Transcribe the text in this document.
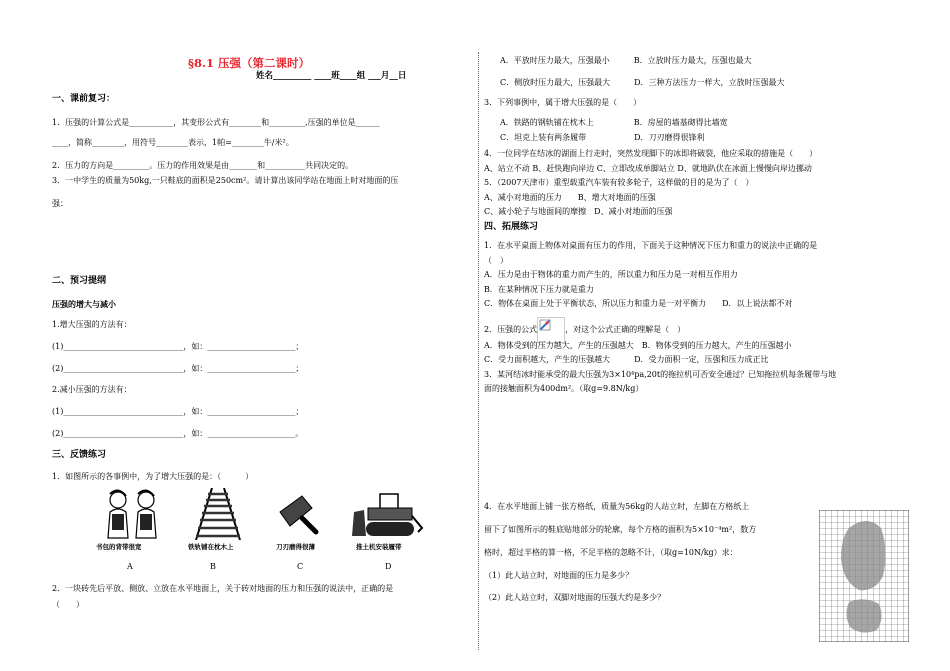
§8.1 压强（第二课时）
姓名_________ ____班____组 ___月__日
一、课前复习：
1．压强的计算公式是___________，其变形公式有________和_________,压强的单位是______
____，简称________，用符号________表示，1帕=________牛/米²。
2．压力的方向是_________。压力的作用效果是由_______和__________共同决定的。
3．一中学生的质量为50kg,一只鞋底的面积是250cm²。请计算出该同学站在地面上时对地面的压
强：
二、预习提纲
压强的增大与减小
1.增大压强的方法有：
(1)______________________________，如：______________________；
(2)______________________________，如：______________________；
2.减小压强的方法有：
(1)______________________________，如：______________________；
(2)______________________________，如：______________________。
三、反馈练习
1．如图所示的各事例中，为了增大压强的是：（　　　）
书包的背带很宽	铁轨铺在枕木上	刀刃磨得很薄	推土机安装履带
A	B	C	D
2．一块砖先后平放、侧放、立放在水平地面上，关于砖对地面的压力和压强的说法中，正确的是
（　　）
A．平放时压力最大，压强最小　　　B．立放时压力最大，压强也最大
C．侧放时压力最大，压强最大　　　D．三种方法压力一样大，立放时压强最大
3．下列事例中，属于增大压强的是（　　）
A．铁路的钢轨铺在枕木上　　　　　B．房屋的墙基砌得比墙宽
C．坦克上装有两条履带　　　　　　D．刀刃磨得很锋利
4．一位同学在结冰的湖面上行走时，突然发现脚下的冰即将破裂，他应采取的措施是（　　）
A、站立不动 B、赶快跑向岸边 C、立即改成单脚站立 D、就地趴伏在冰面上慢慢向岸边挪动
5．（2007天津市）重型载重汽车装有较多轮子，这样做的目的是为了（　）
A、减小对地面的压力　　B、增大对地面的压强
C、减小轮子与地面间的摩擦　D、减小对地面的压强
四、拓展练习
1．在水平桌面上物体对桌面有压力的作用，下面关于这种情况下压力和重力的说法中正确的是
（　）
A．压力是由于物体的重力而产生的，所以重力和压力是一对相互作用力
B．在某种情况下压力就是重力
C．物体在桌面上处于平衡状态，所以压力和重力是一对平衡力　　D．以上说法都不对
2．压强的公式	，对这个公式正确的理解是（　）
A．物体受到的压力越大，产生的压强越大　B．物体受到的压力越大，产生的压强越小
C．受力面积越大，产生的压强越大　　　D．受力面积一定，压强和压力成正比
3．某河结冰时能承受的最大压强为3×10⁴pa,20t的拖拉机可否安全通过？已知拖拉机每条履带与地
面的接触面积为400dm²。（取g=9.8N/kg）
4．在水平地面上铺一张方格纸，质量为56kg的人站立时，左脚在方格纸上
留下了如图所示的鞋底贴地部分的轮廓，每个方格的面积为5×10⁻⁴m²，数方
格时，超过半格的算一格，不足半格的忽略不计，（取g=10N/kg）求：
（1）此人站立时，对地面的压力是多少？
（2）此人站立时，双脚对地面的压强大约是多少？
